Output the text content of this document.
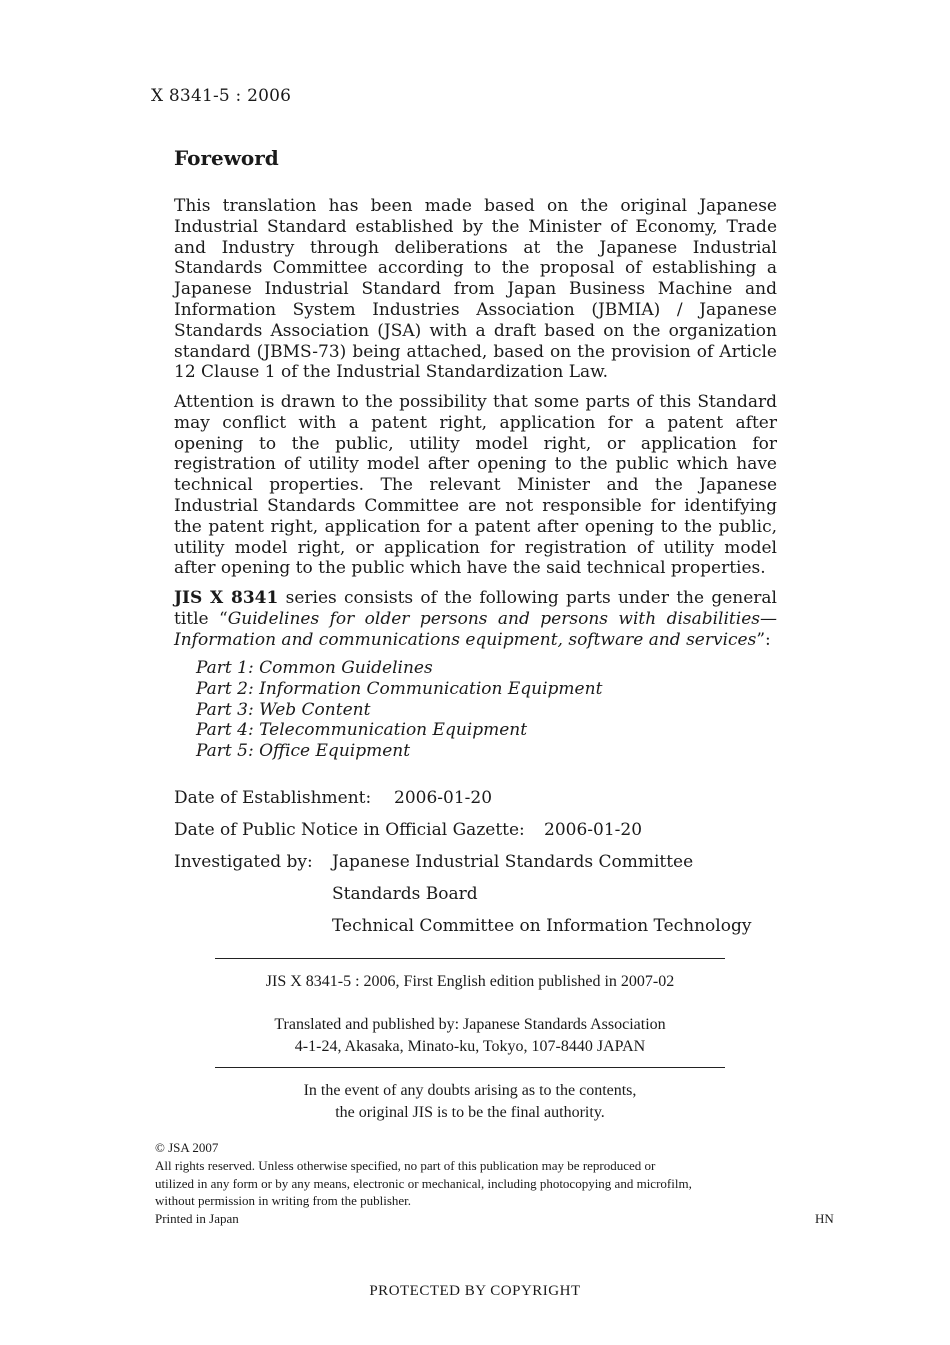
X 8341-5 : 2006
Foreword

This translation has been made based on the original Japanese Industrial Standard established by the Minister of Economy, Trade and Industry through deliberations at the Japanese Industrial Standards Committee according to the proposal of establishing a Japanese Industrial Standard from Japan Business Machine and Information System Industries Association (JBMIA) / Japanese Standards Association (JSA) with a draft based on the organization standard (JBMS-73) being attached, based on the provision of Article 12 Clause 1 of the Industrial Standardization Law.

Attention is drawn to the possibility that some parts of this Standard may conflict with a patent right, application for a patent after opening to the public, utility model right, or application for registration of utility model after opening to the public which have technical properties. The relevant Minister and the Japanese Industrial Standards Committee are not responsible for identifying the patent right, application for a patent after opening to the public, utility model right, or application for registration of utility model after opening to the public which have the said technical properties.

JIS X 8341 series consists of the following parts under the general title “Guidelines for older persons and persons with disabilities—Information and communications equipment, software and services”:

Part 1: Common Guidelines
Part 2: Information Communication Equipment
Part 3: Web Content
Part 4: Telecommunication Equipment
Part 5: Office Equipment
Date of Establishment: 2006-01-20
Date of Public Notice in Official Gazette: 2006-01-20
Investigated by: Japanese Industrial Standards Committee
Standards Board
Technical Committee on Information Technology
JIS X 8341-5 : 2006, First English edition published in 2007-02
Translated and published by: Japanese Standards Association
4-1-24, Akasaka, Minato-ku, Tokyo, 107-8440 JAPAN
In the event of any doubts arising as to the contents,
the original JIS is to be the final authority.
© JSA 2007
All rights reserved. Unless otherwise specified, no part of this publication may be reproduced or
utilized in any form or by any means, electronic or mechanical, including photocopying and microfilm,
without permission in writing from the publisher.
Printed in Japan	HN
PROTECTED BY COPYRIGHT
